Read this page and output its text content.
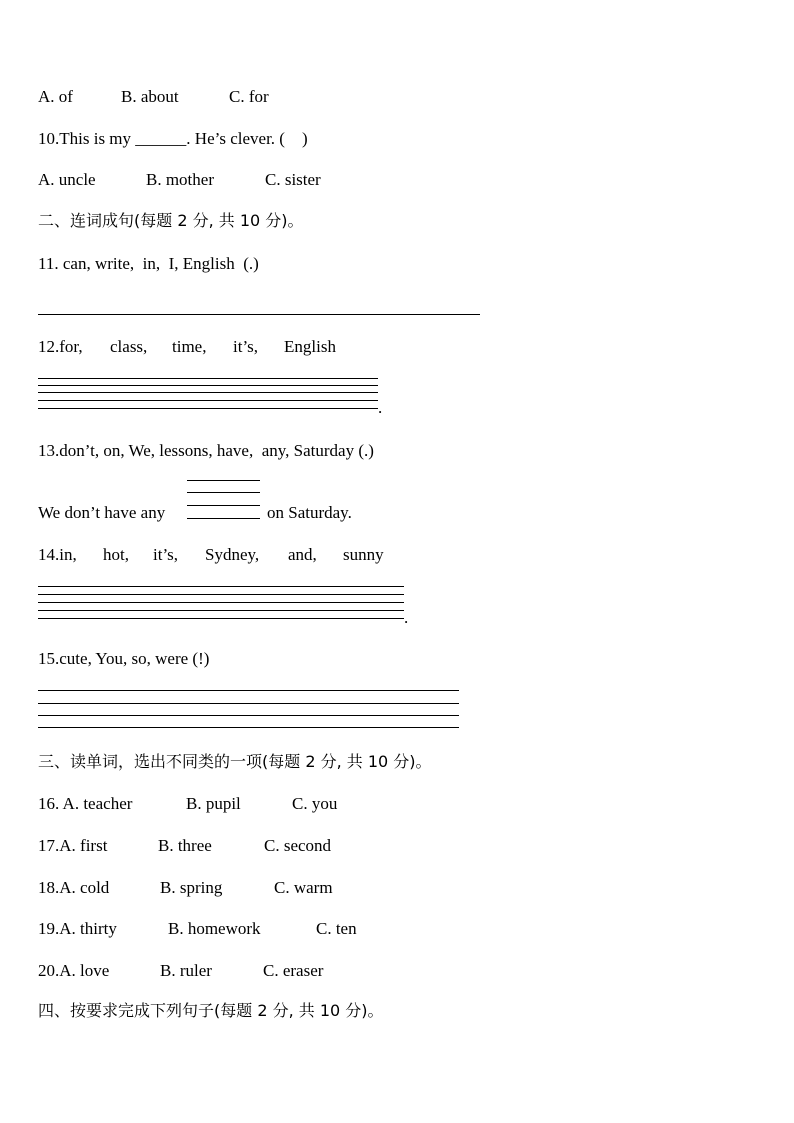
A. of	B. about	C. for
10.This is my ______. He’s clever. (    )
A. uncle	B. mother	C. sister
二、连词成句(每题 2 分, 共 10 分)。
11. can, write,  in,  I, English  (.)
12.for, class, time, it’s, English
.
13.don’t, on, We, lessons, have,  any, Saturday (.)
We don’t have any	on Saturday.
14.in, hot, it’s, Sydney, and, sunny
.
15.cute, You, so, were (!)
三、读单词，选出不同类的一项(每题 2 分, 共 10 分)。
16. A. teacher	B. pupil	C. you
17.A. first	B. three	C. second
18.A. cold	B. spring	C. warm
19.A. thirty	B. homework	C. ten
20.A. love	B. ruler	C. eraser
四、按要求完成下列句子(每题 2 分, 共 10 分)。
